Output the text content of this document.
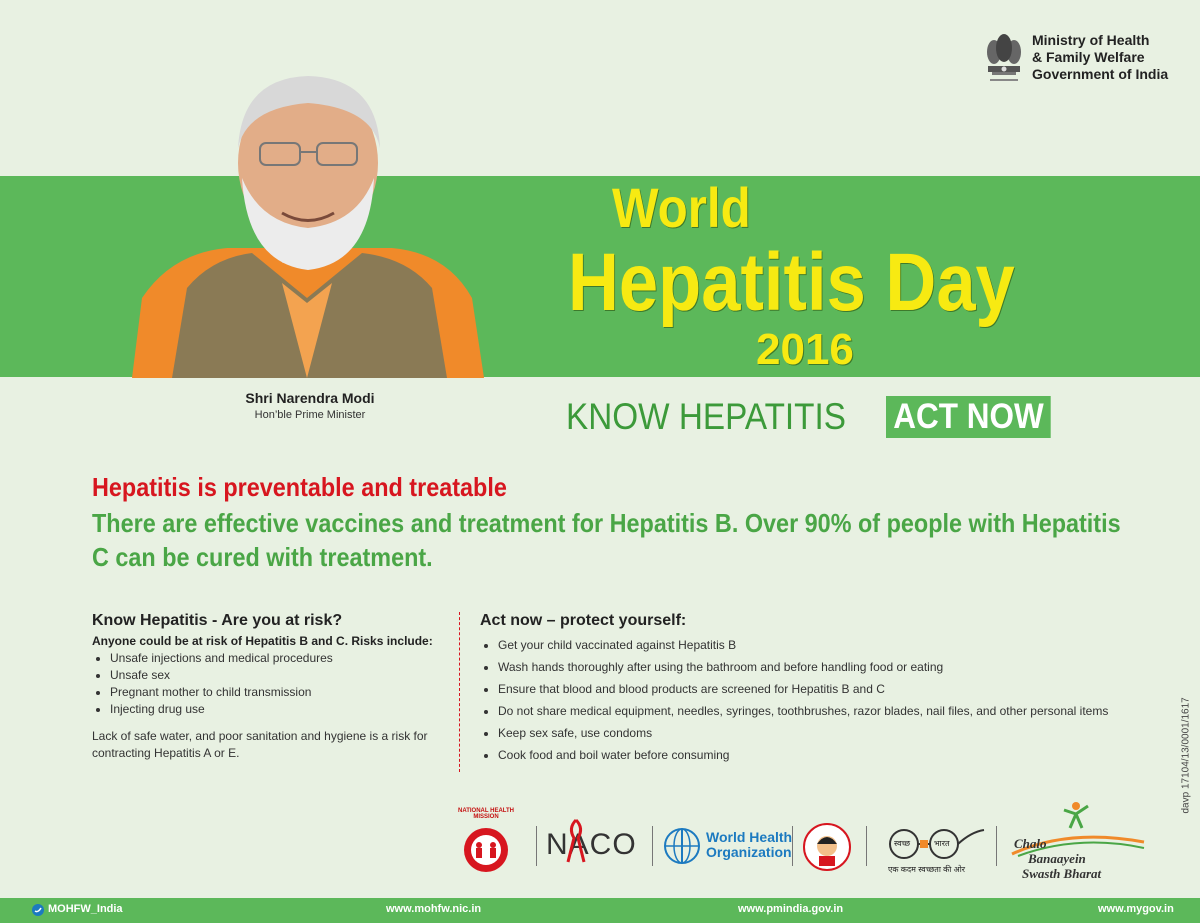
Ministry of Health
& Family Welfare
Government of India
Shri Narendra Modi
Hon’ble Prime Minister
World
Hepatitis Day
2016
KNOW HEPATITIS ACT NOW
Hepatitis is preventable and treatable
There are effective vaccines and treatment for Hepatitis B. Over 90% of people with Hepatitis C can be cured with treatment.
Know Hepatitis - Are you at risk?
Anyone could be at risk of Hepatitis B and C. Risks include:
• Unsafe injections and medical procedures
• Unsafe sex
• Pregnant mother to child transmission
• Injecting drug use
Lack of safe water, and poor sanitation and hygiene is a risk for contracting Hepatitis A or E.
Act now – protect yourself:
• Get your child vaccinated against Hepatitis B
• Wash hands thoroughly after using the bathroom and before handling food or eating
• Ensure that blood and blood products are screened for Hepatitis B and C
• Do not share medical equipment, needles, syringes, toothbrushes, razor blades, nail files, and other personal items
• Keep sex safe, use condoms
• Cook food and boil water before consuming	davp 17104/13/0001/1617
NATIONAL HEALTH MISSION
NACO	World Health
Organization
स्वच्छ	भारत
एक कदम स्वच्छता की ओर
Chalo
Banaayein
Swasth Bharat
MOHFW_India	www.mohfw.nic.in	www.pmindia.gov.in	www.mygov.in
